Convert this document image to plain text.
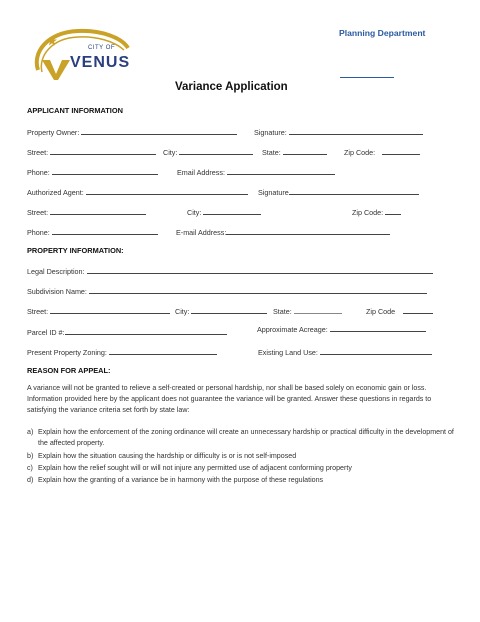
CITY OF
VENUS
Planning Department
Variance Application
APPLICANT INFORMATION
Property Owner:	Signature:
Street:	City:	State:	Zip Code:
Phone:	Email Address:
Authorized Agent:	Signature
Street:	City:	Zip Code:
Phone:	E-mail Address:
PROPERTY INFORMATION:
Legal Description:
Subdivision Name:
Street:	City:	State:	Zip Code
Parcel ID #:	Approximate Acreage:
Present Property Zoning:	Existing Land Use:
REASON FOR APPEAL:
A variance will not be granted to relieve a self-created or personal hardship, nor shall be based solely on economic gain or loss. Information provided here by the applicant does not guarantee the variance will be granted. Answer these questions in regards to satisfying the variance criteria set forth by state law:
a) Explain how the enforcement of the zoning ordinance will create an unnecessary hardship or practical difficulty in the development of the affected property.
b) Explain how the situation causing the hardship or difficulty is or is not self-imposed
c) Explain how the relief sought will or will not injure any permitted use of adjacent conforming property
d) Explain how the granting of a variance be in harmony with the purpose of these regulations
